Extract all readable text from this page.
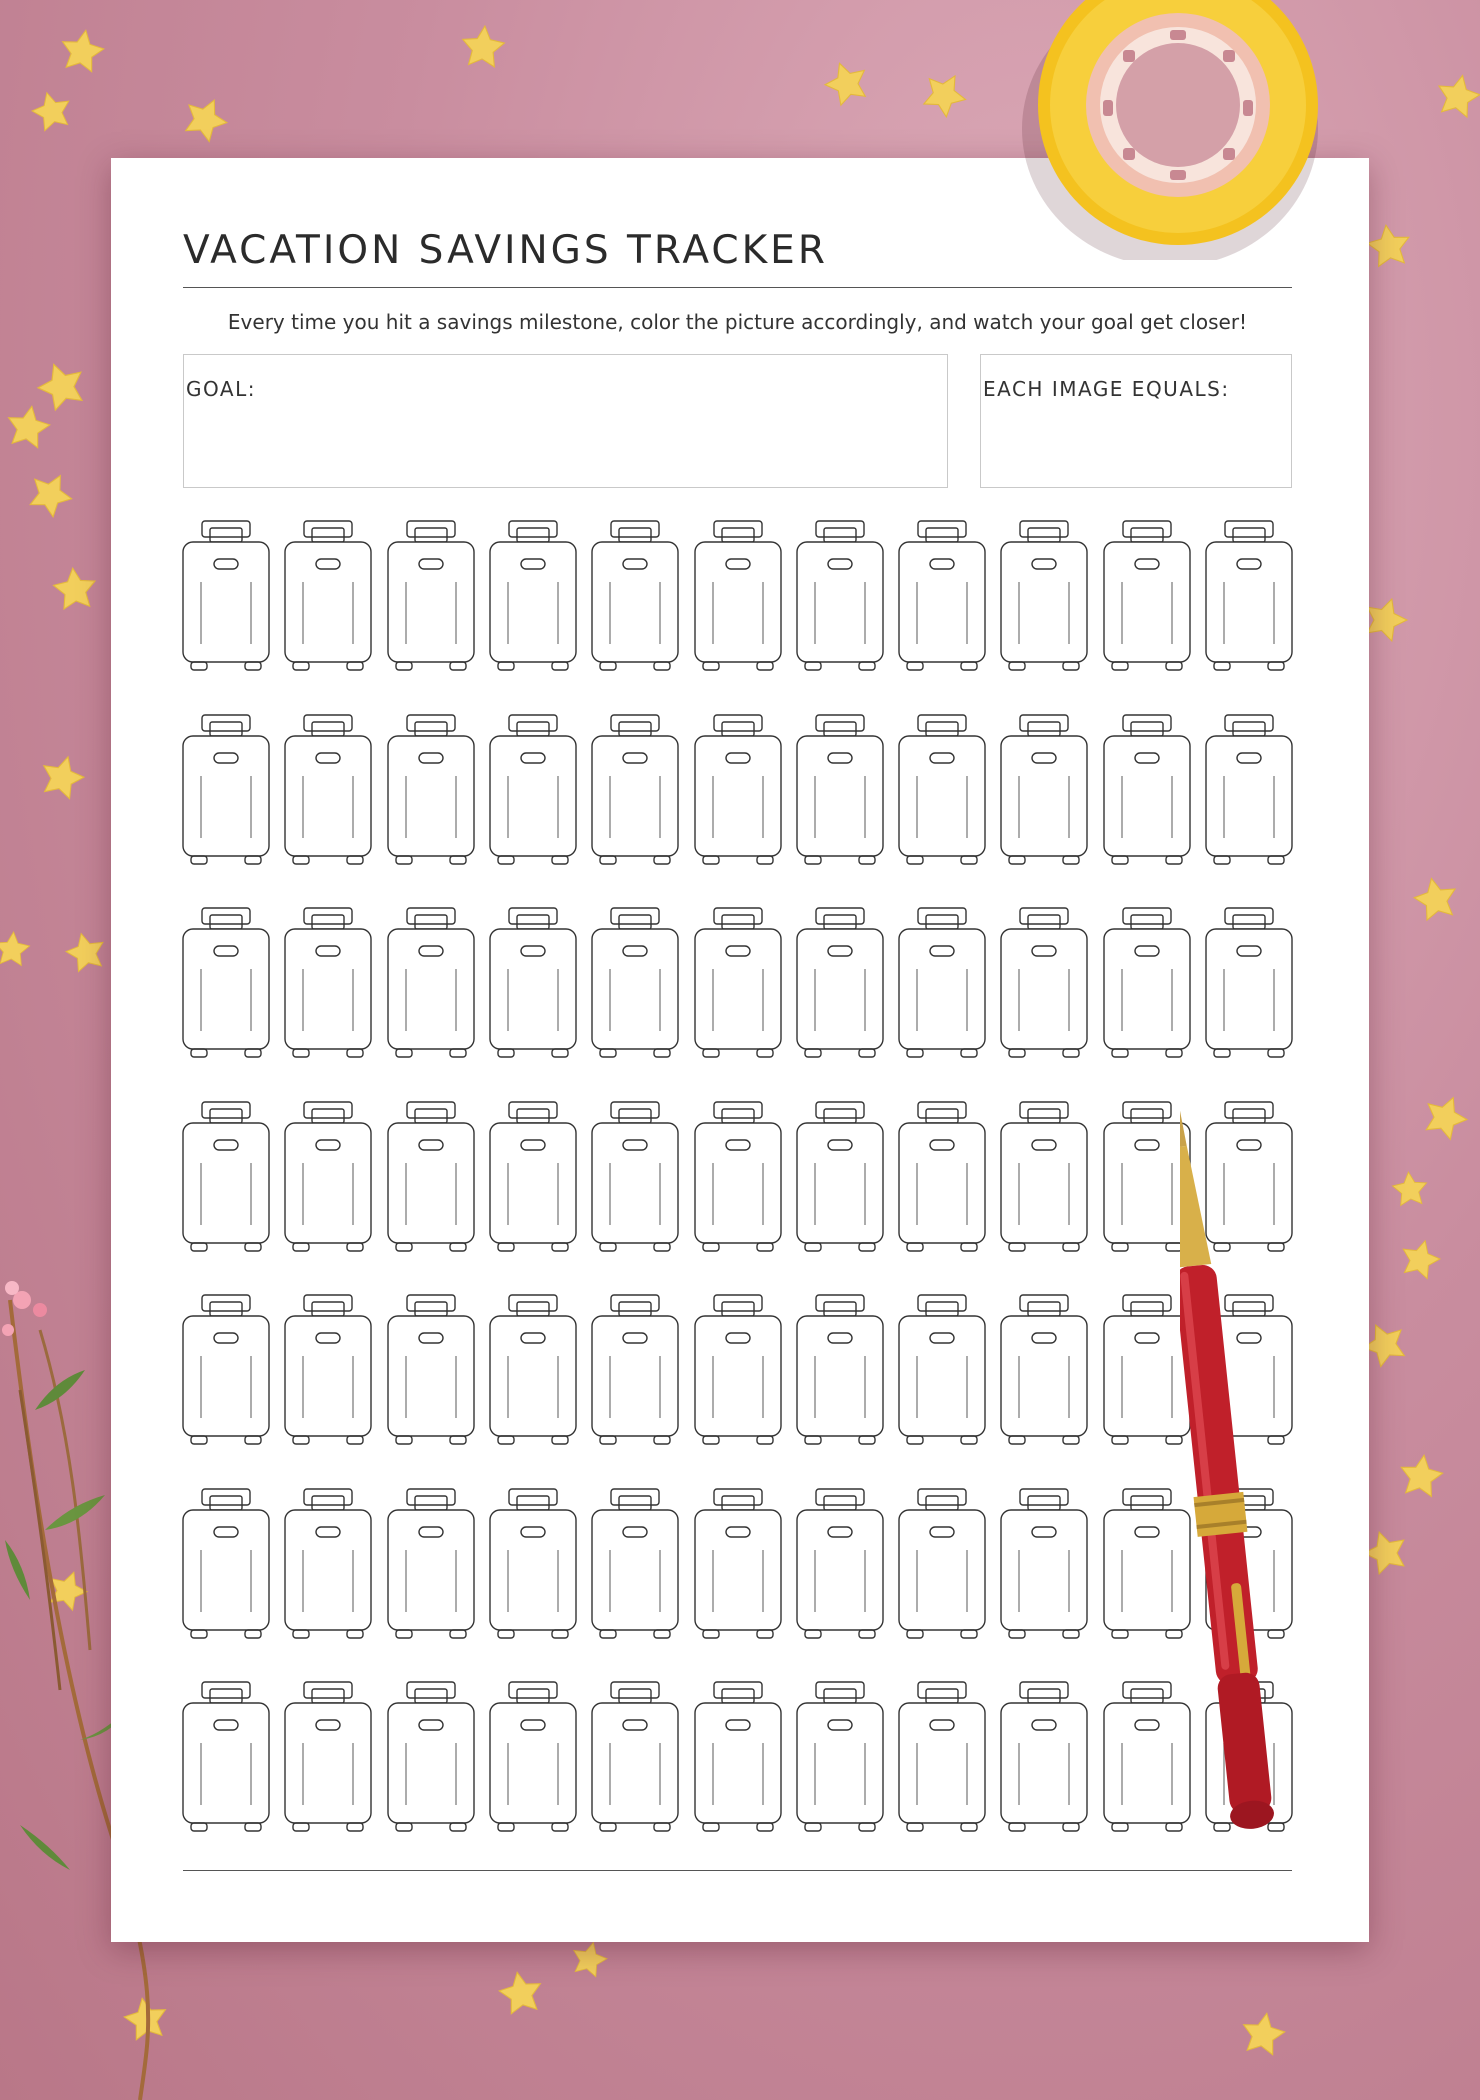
VACATION SAVINGS TRACKER
Every time you hit a savings milestone, color the picture accordingly, and watch your goal get closer!
GOAL:	EACH IMAGE EQUALS:
